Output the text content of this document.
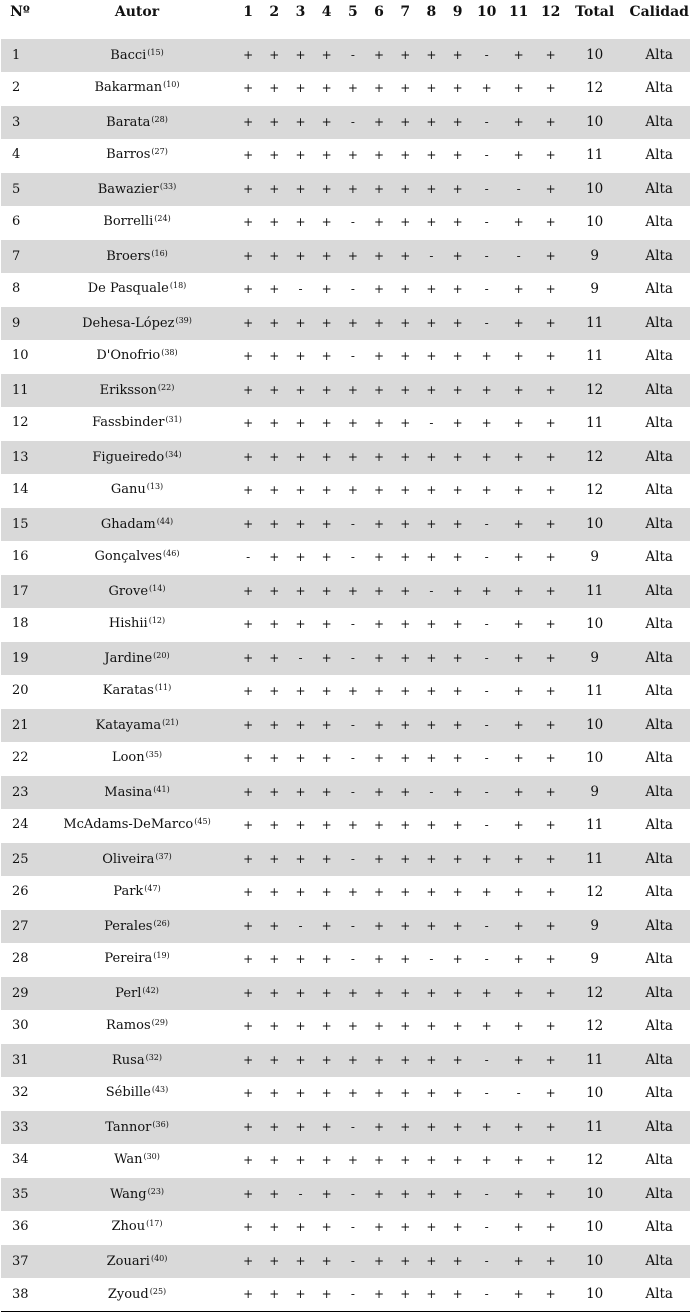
Nº	Autor	1	2	3	4	5	6	7	8	9	10	11	12	Total	Calidad
1	Bacci$^{(15)}$	+	+	+	+	-	+	+	+	+	-	+	+	10	Alta
2	Bakarman$^{(10)}$	+	+	+	+	+	+	+	+	+	+	+	+	12	Alta
3	Barata$^{(28)}$	+	+	+	+	-	+	+	+	+	-	+	+	10	Alta
4	Barros$^{(27)}$	+	+	+	+	+	+	+	+	+	-	+	+	11	Alta
5	Bawazier$^{(33)}$	+	+	+	+	+	+	+	+	+	-	-	+	10	Alta
6	Borrelli$^{(24)}$	+	+	+	+	-	+	+	+	+	-	+	+	10	Alta
7	Broers$^{(16)}$	+	+	+	+	+	+	+	-	+	-	-	+	9	Alta
8	De Pasquale$^{(18)}$	+	+	-	+	-	+	+	+	+	-	+	+	9	Alta
9	Dehesa-López$^{(39)}$	+	+	+	+	+	+	+	+	+	-	+	+	11	Alta
10	D'Onofrio$^{(38)}$	+	+	+	+	-	+	+	+	+	+	+	+	11	Alta
11	Eriksson$^{(22)}$	+	+	+	+	+	+	+	+	+	+	+	+	12	Alta
12	Fassbinder$^{(31)}$	+	+	+	+	+	+	+	-	+	+	+	+	11	Alta
13	Figueiredo$^{(34)}$	+	+	+	+	+	+	+	+	+	+	+	+	12	Alta
14	Ganu$^{(13)}$	+	+	+	+	+	+	+	+	+	+	+	+	12	Alta
15	Ghadam$^{(44)}$	+	+	+	+	-	+	+	+	+	-	+	+	10	Alta
16	Gonçalves$^{(46)}$	-	+	+	+	-	+	+	+	+	-	+	+	9	Alta
17	Grove$^{(14)}$	+	+	+	+	+	+	+	-	+	+	+	+	11	Alta
18	Hishii$^{(12)}$	+	+	+	+	-	+	+	+	+	-	+	+	10	Alta
19	Jardine$^{(20)}$	+	+	-	+	-	+	+	+	+	-	+	+	9	Alta
20	Karatas$^{(11)}$	+	+	+	+	+	+	+	+	+	-	+	+	11	Alta
21	Katayama$^{(21)}$	+	+	+	+	-	+	+	+	+	-	+	+	10	Alta
22	Loon$^{(35)}$	+	+	+	+	-	+	+	+	+	-	+	+	10	Alta
23	Masina$^{(41)}$	+	+	+	+	-	+	+	-	+	-	+	+	9	Alta
24	McAdams-DeMarco$^{(45)}$	+	+	+	+	+	+	+	+	+	-	+	+	11	Alta
25	Oliveira$^{(37)}$	+	+	+	+	-	+	+	+	+	+	+	+	11	Alta
26	Park$^{(47)}$	+	+	+	+	+	+	+	+	+	+	+	+	12	Alta
27	Perales$^{(26)}$	+	+	-	+	-	+	+	+	+	-	+	+	9	Alta
28	Pereira$^{(19)}$	+	+	+	+	-	+	+	-	+	-	+	+	9	Alta
29	Perl$^{(42)}$	+	+	+	+	+	+	+	+	+	+	+	+	12	Alta
30	Ramos$^{(29)}$	+	+	+	+	+	+	+	+	+	+	+	+	12	Alta
31	Rusa$^{(32)}$	+	+	+	+	+	+	+	+	+	-	+	+	11	Alta
32	Sébille$^{(43)}$	+	+	+	+	+	+	+	+	+	-	-	+	10	Alta
33	Tannor$^{(36)}$	+	+	+	+	-	+	+	+	+	+	+	+	11	Alta
34	Wan$^{(30)}$	+	+	+	+	+	+	+	+	+	+	+	+	12	Alta
35	Wang$^{(23)}$	+	+	-	+	-	+	+	+	+	-	+	+	10	Alta
36	Zhou$^{(17)}$	+	+	+	+	-	+	+	+	+	-	+	+	10	Alta
37	Zouari$^{(40)}$	+	+	+	+	-	+	+	+	+	-	+	+	10	Alta
38	Zyoud$^{(25)}$	+	+	+	+	-	+	+	+	+	-	+	+	10	Alta
